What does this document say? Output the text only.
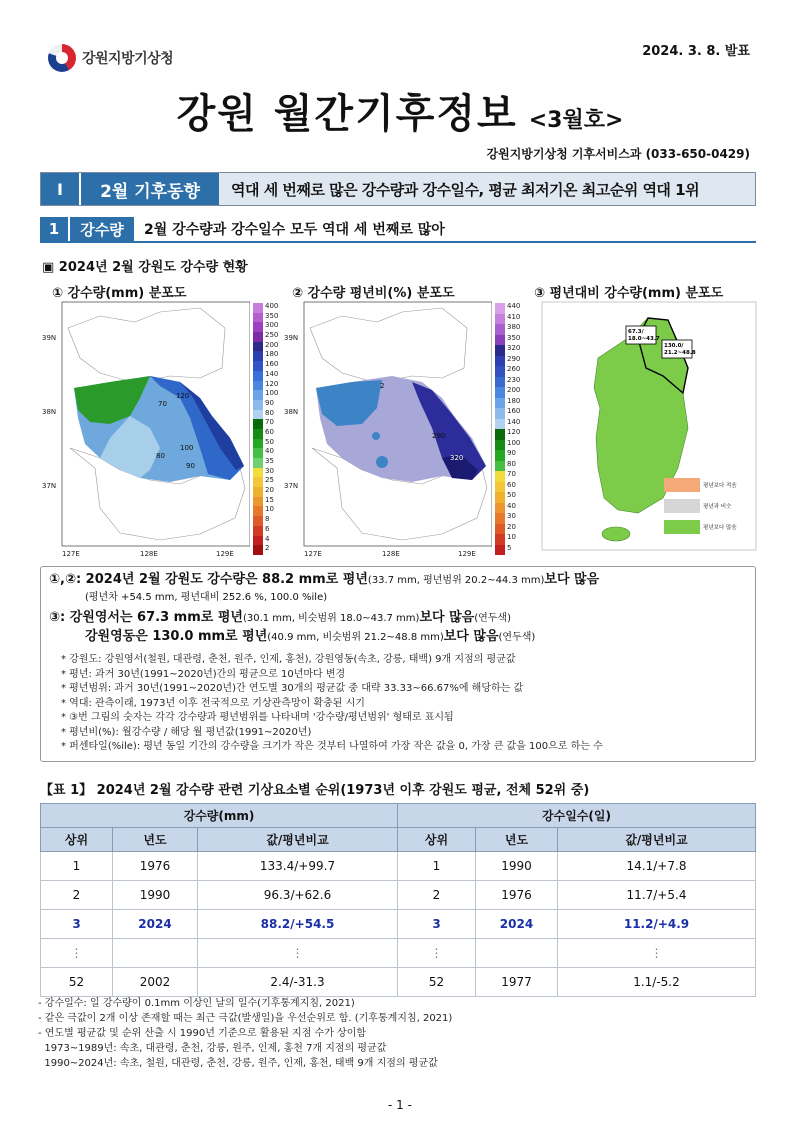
강원지방기상청	2024. 3. 8. 발표
강원 월간기후정보 <3월호>
강원지방기상청 기후서비스과 (033-650-0429)
I	2월 기후동향	역대 세 번째로 많은 강수량과 강수일수, 평균 최저기온 최고순위 역대 1위
1	강수량	2월 강수량과 강수일수 모두 역대 세 번째로 많아
▣ 2024년 2월 강원도 강수량 현황
① 강수량(mm) 분포도	② 강수량 평년비(%) 분포도	③ 평년대비 강수량(mm) 분포도
70
120
100
80
90
39N
38N
37N
127E	128E	129E
400
350
300
250
200
180
160
140
120
100
90
80
70
60
50
40
35
30
25
20
15
10
8
6
4
2
2
290
320
39N
38N
37N
127E	128E	129E
440
410
380
350
320
290
260
230
200
180
160
140
120
100
90
80
70
60
50
40
30
20
10
5
67.3/
18.0~43.7
130.0/
21.2~48.8
평년보다 적음
평년과 비슷
평년보다 많음
①,②: 2024년 2월 강원도 강수량은 88.2 mm로 평년(33.7 mm, 평년범위 20.2~44.3 mm)보다 많음
(평년차 +54.5 mm, 평년대비 252.6 %, 100.0 %ile)
③: 강원영서는 67.3 mm로 평년(30.1 mm, 비슷범위 18.0~43.7 mm)보다 많음(연두색)
강원영동은 130.0 mm로 평년(40.9 mm, 비슷범위 21.2~48.8 mm)보다 많음(연두색)
* 강원도: 강원영서(철원, 대관령, 춘천, 원주, 인제, 홍천), 강원영동(속초, 강릉, 태백) 9개 지점의 평균값
* 평년: 과거 30년(1991~2020년)간의 평균으로 10년마다 변경
* 평년범위: 과거 30년(1991~2020년)간 연도별 30개의 평균값 중 대략 33.33~66.67%에 해당하는 값
* 역대: 관측이래, 1973년 이후 전국적으로 기상관측망이 확충된 시기
* ③번 그림의 숫자는 각각 강수량과 평년범위를 나타내며 '강수량/평년범위' 형태로 표시됨
* 평년비(%): 월강수량 / 해당 월 평년값(1991~2020년)
* 퍼센타일(%ile): 평년 동일 기간의 강수량을 크기가 작은 것부터 나열하여 가장 작은 값을 0, 가장 큰 값을 100으로 하는 수
【표 1】 2024년 2월 강수량 관련 기상요소별 순위(1973년 이후 강원도 평균, 전체 52위 중)
강수량(mm)			강수일수(일)		
상위	년도	값/평년비교	상위	년도	값/평년비교
1	1976	133.4/+99.7	1	1990	14.1/+7.8
2	1990	96.3/+62.6	2	1976	11.7/+5.4
3	2024	88.2/+54.5	3	2024	11.2/+4.9
⋮		⋮	⋮		⋮
52	2002	2.4/-31.3	52	1977	1.1/-5.2
- 강수일수: 일 강수량이 0.1mm 이상인 날의 일수(기후통계지침, 2021)
- 같은 극값이 2개 이상 존재할 때는 최근 극값(발생일)을 우선순위로 함. (기후통계지침, 2021)
- 연도별 평균값 및 순위 산출 시 1990년 기준으로 활용된 지점 수가 상이함
1973~1989년: 속초, 대관령, 춘천, 강릉, 원주, 인제, 홍천 7개 지점의 평균값
1990~2024년: 속초, 철원, 대관령, 춘천, 강릉, 원주, 인제, 홍천, 태백 9개 지점의 평균값
- 1 -
